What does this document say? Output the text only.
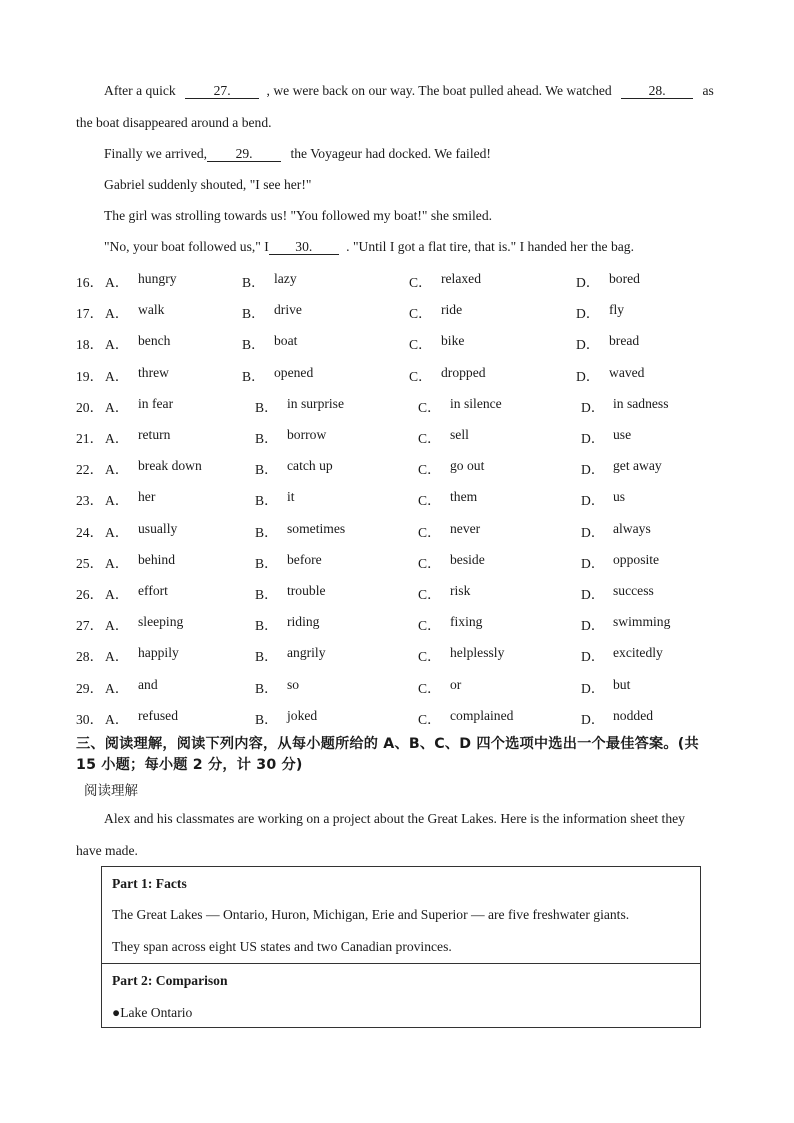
After a quick	27.	, we were back on our way. The boat pulled ahead. We watched	28.	as
the boat disappeared around a bend.
Finally we arrived, 29.	the Voyageur had docked. We failed!
Gabriel suddenly shouted, "I see her!"
The girl was strolling towards us! "You followed my boat!" she smiled.
"No, your boat followed us," I 30. . "Until I got a flat tire, that is." I handed her the bag.
16． A． hungry	B． lazy	C． relaxed	D． bored
17． A． walk	B． drive	C． ride	D． fly
18． A． bench	B． boat	C． bike	D． bread
19． A． threw	B． opened	C． dropped	D． waved
20． A． in fear	B． in surprise	C． in silence	D． in sadness
21． A． return	B． borrow	C． sell	D． use
22． A． break down	B． catch up	C． go out	D． get away
23． A． her	B． it	C． them	D． us
24． A． usually	B． sometimes	C． never	D． always
25． A． behind	B． before	C． beside	D． opposite
26． A． effort	B． trouble	C． risk	D． success
27． A． sleeping	B． riding	C． fixing	D． swimming
28． A． happily	B． angrily	C． helplessly	D． excitedly
29． A． and	B． so	C． or	D． but
30． A． refused	B． joked	C． complained	D． nodded
三、阅读理解，阅读下列内容，从每小题所给的 A、B、C、D 四个选项中选出一个最佳答案。(共
15 小题；每小题 2 分，计 30 分)
阅读理解
Alex and his classmates are working on a project about the Great Lakes. Here is the information sheet they
have made.
Part 1: Facts
The Great Lakes — Ontario, Huron, Michigan, Erie and Superior — are five freshwater giants.
They span across eight US states and two Canadian provinces.
Part 2: Comparison
●Lake Ontario
